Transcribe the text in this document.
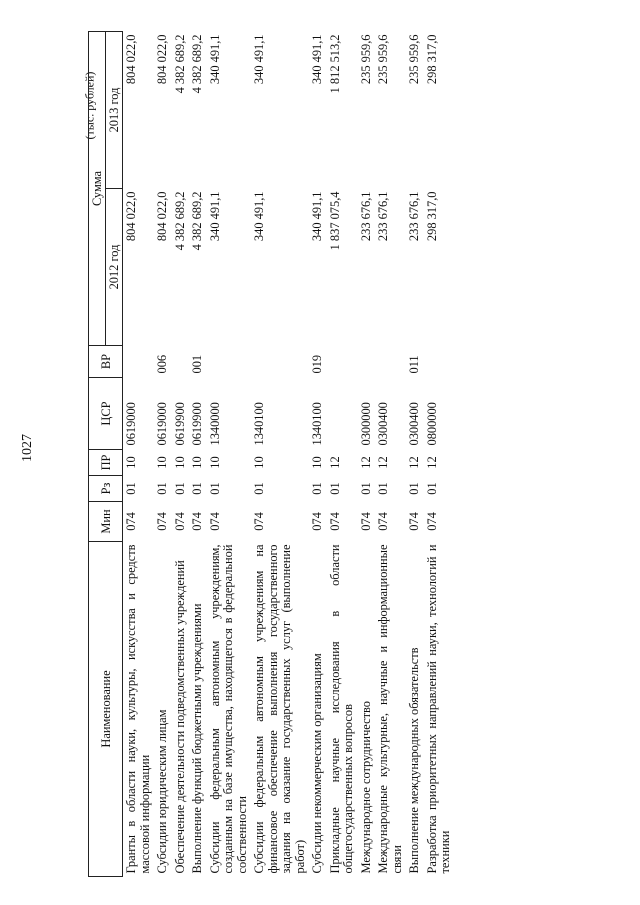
1027
(тыс. рублей)
Наименование	Мин	Рз	ПР	ЦСР	ВР	Сумма	
						2012 год	2013 год
Гранты в области науки, культуры, искусства и средств массовой информации	074	01	10	0619000		804 022,0	804 022,0
Субсидии юридическим лицам	074	01	10	0619000	006	804 022,0	804 022,0
Обеспечение деятельности подведомственных учреждений	074	01	10	0619900		4 382 689,2	4 382 689,2
Выполнение функций бюджетными учреждениями	074	01	10	0619900	001	4 382 689,2	4 382 689,2
Субсидии федеральным автономным учреждениям, созданным на базе имущества, находящегося в федеральной собственности	074	01	10	1340000		340 491,1	340 491,1
Субсидии федеральным автономным учреждениям на финансовое обеспечение выполнения государственного задания на оказание государственных услуг (выполнение работ)	074	01	10	1340100		340 491,1	340 491,1
Субсидии некоммерческим организациям	074	01	10	1340100	019	340 491,1	340 491,1
Прикладные научные исследования в области общегосударственных вопросов	074	01	12			1 837 075,4	1 812 513,2
Международное сотрудничество	074	01	12	0300000		233 676,1	235 959,6
Международные культурные, научные и информационные связи	074	01	12	0300400		233 676,1	235 959,6
Выполнение международных обязательств	074	01	12	0300400	011	233 676,1	235 959,6
Разработка приоритетных направлений науки, технологий и техники	074	01	12	0800000		298 317,0	298 317,0
